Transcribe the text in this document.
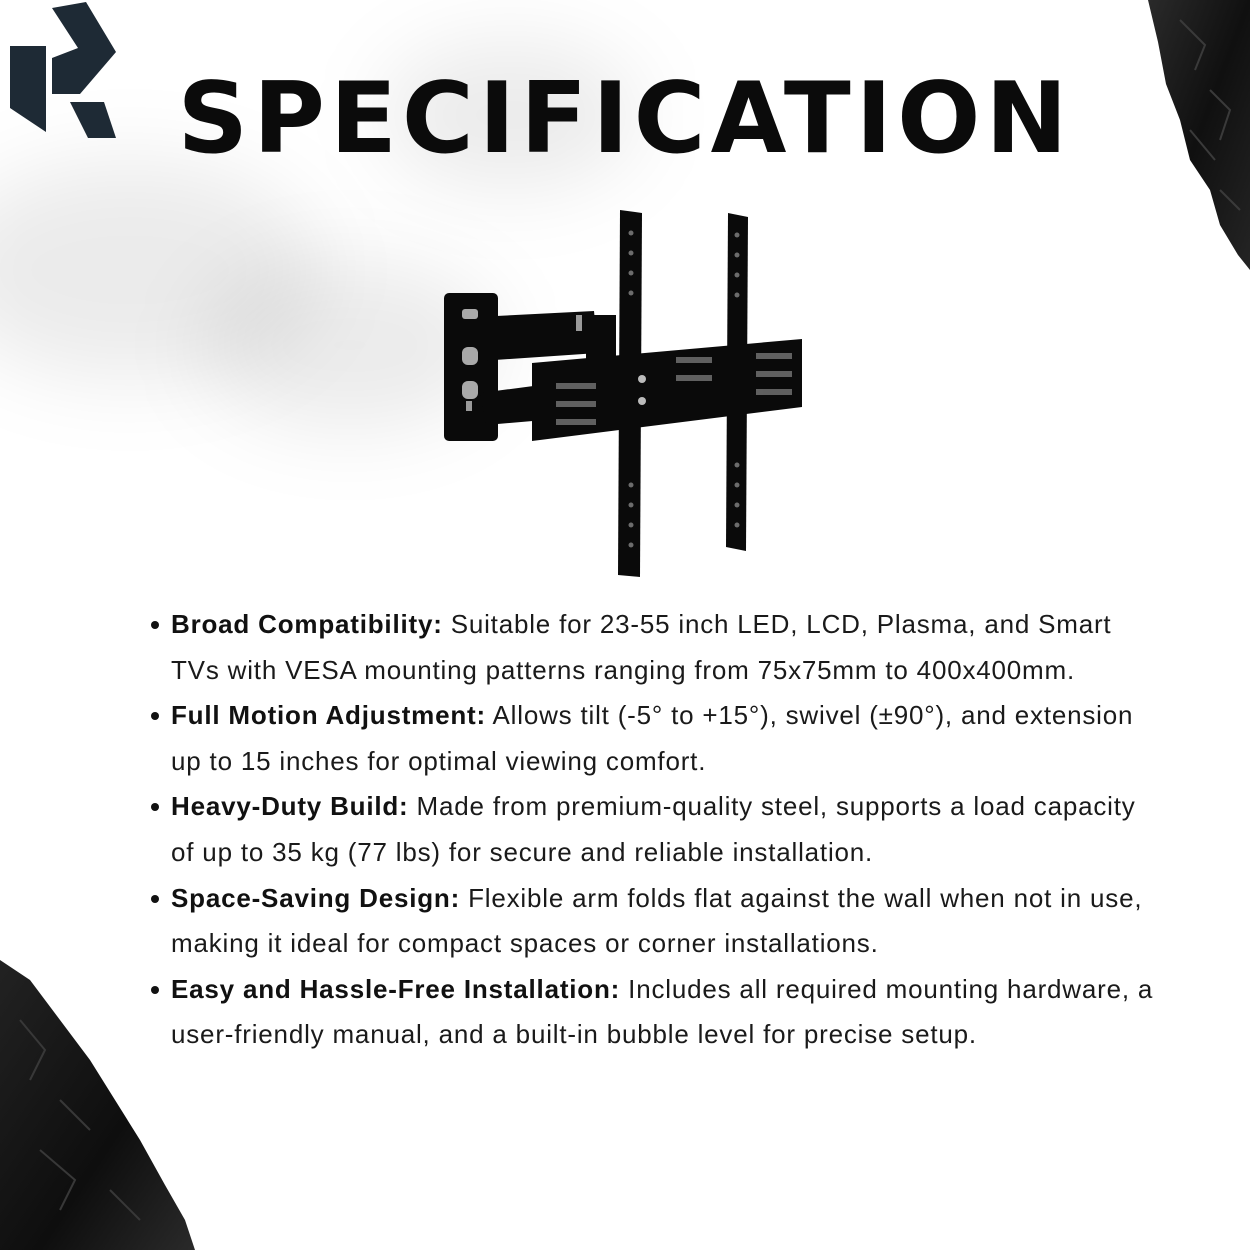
SPECIFICATION
Broad Compatibility: Suitable for 23-55 inch LED, LCD, Plasma, and Smart TVs with VESA mounting patterns ranging from 75x75mm to 400x400mm.
Full Motion Adjustment: Allows tilt (-5° to +15°), swivel (±90°), and extension up to 15 inches for optimal viewing comfort.
Heavy-Duty Build: Made from premium-quality steel, supports a load capacity of up to 35 kg (77 lbs) for secure and reliable installation.
Space-Saving Design: Flexible arm folds flat against the wall when not in use, making it ideal for compact spaces or corner installations.
Easy and Hassle-Free Installation: Includes all required mounting hardware, a user-friendly manual, and a built-in bubble level for precise setup.
